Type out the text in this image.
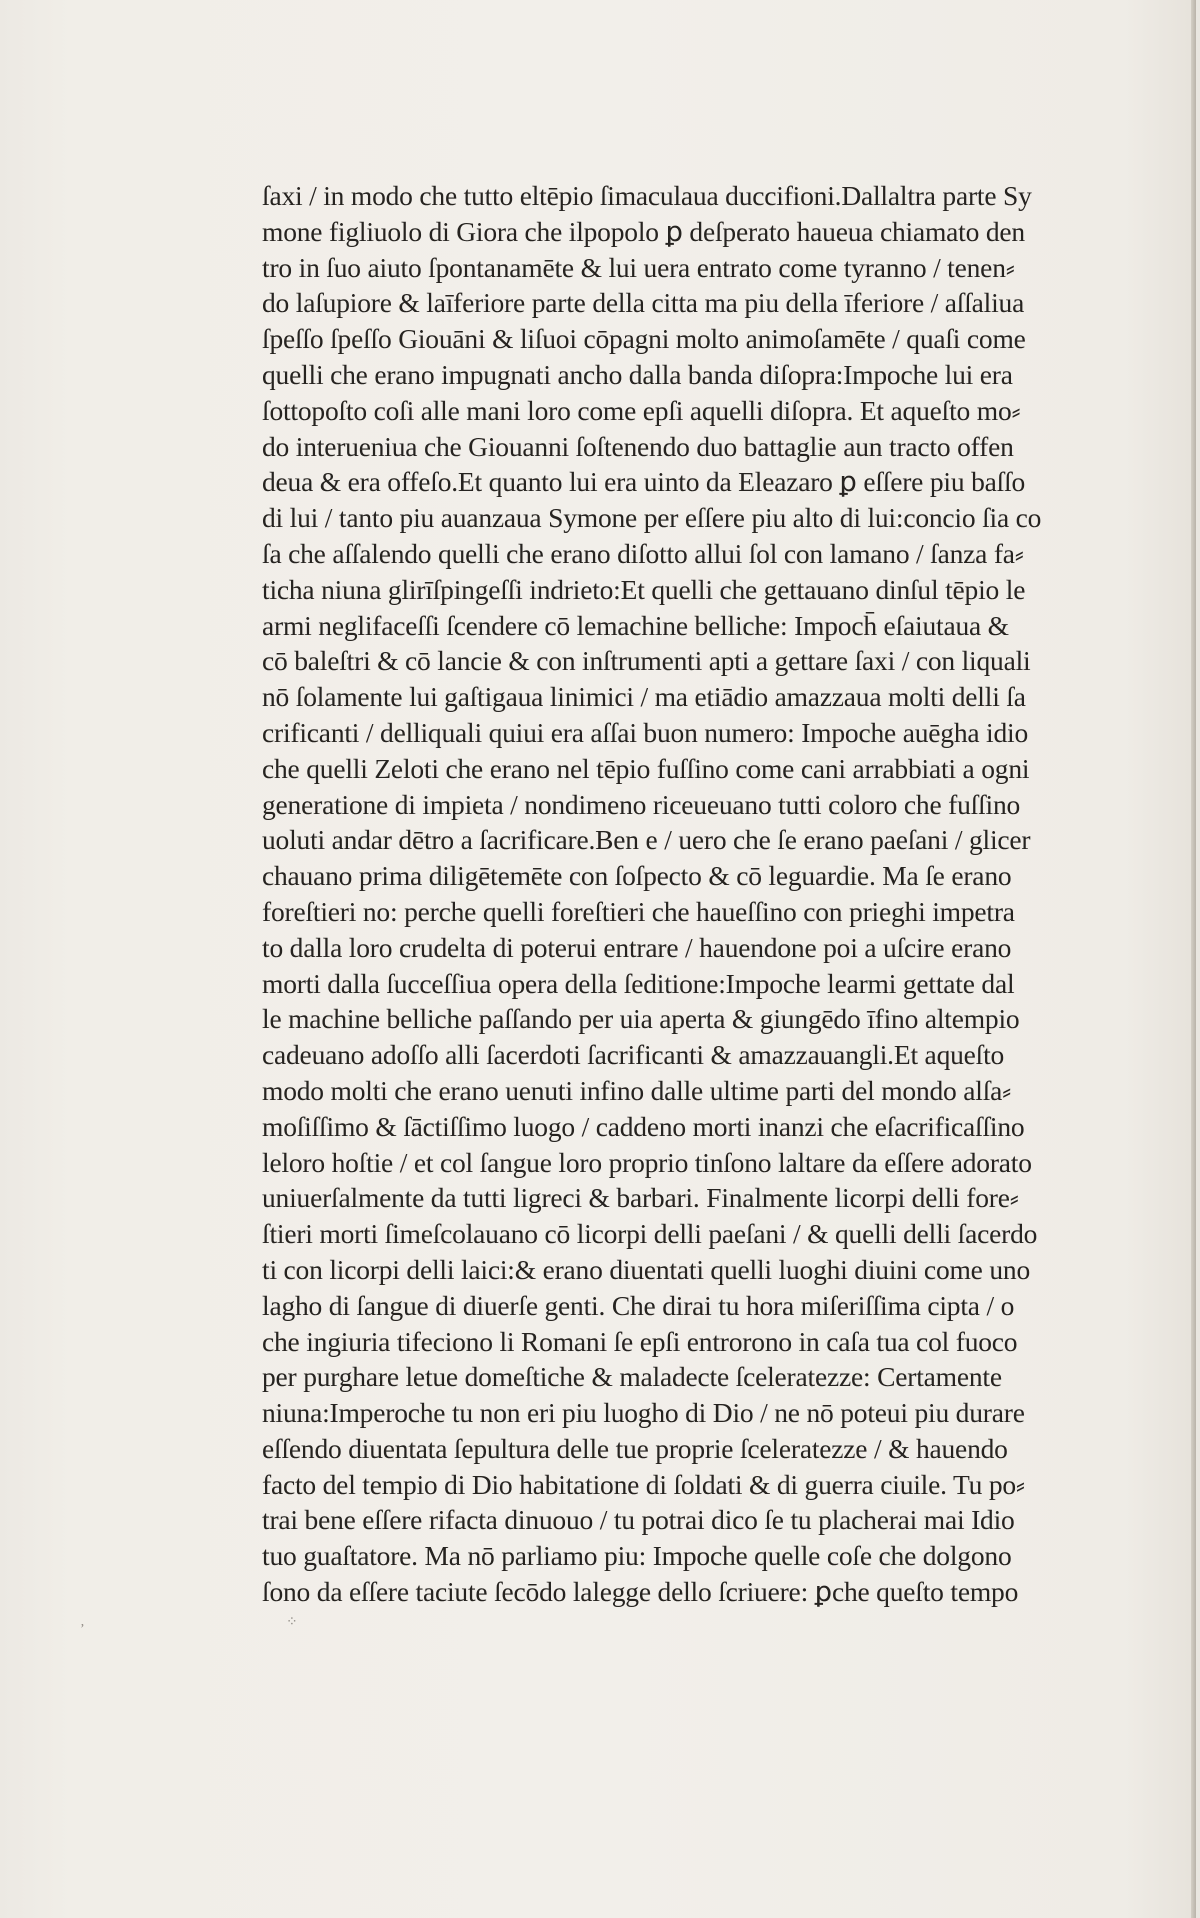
ſaxi / in modo che tutto eltēpio ſimaculaua duccifioni.Dallaltra parte Sy
mone figliuolo di Giora che ilpopolo ꝑ deſperato haueua chiamato den
tro in ſuo aiuto ſpontanamēte & lui uera entrato come tyranno / tenen⸗
do laſupiore & laīferiore parte della citta ma piu della īferiore / aſſaliua
ſpeſſo ſpeſſo Giouāni & liſuoi cōpagni molto animoſamēte / quaſi come
quelli che erano impugnati ancho dalla banda diſopra:Impoche lui era
ſottopoſto coſi alle mani loro come epſi aquelli diſopra. Et aqueſto mo⸗
do interueniua che Giouanni ſoſtenendo duo battaglie aun tracto offen
deua & era offeſo.Et quanto lui era uinto da Eleazaro ꝑ eſſere piu baſſo
di lui / tanto piu auanzaua Symone per eſſere piu alto di lui:concio ſia co
ſa che aſſalendo quelli che erano diſotto allui ſol con lamano / ſanza fa⸗
ticha niuna glirīſpingeſſi indrieto:Et quelli che gettauano dinſul tēpio le
armi neglifaceſſi ſcendere cō lemachine belliche: Impoch̄ eſaiutaua &
cō baleſtri & cō lancie & con inſtrumenti apti a gettare ſaxi / con liquali
nō ſolamente lui gaſtigaua linimici / ma etiādio amazzaua molti delli ſa
crificanti / delliquali quiui era aſſai buon numero: Impoche auēgha idio
che quelli Zeloti che erano nel tēpio fuſſino come cani arrabbiati a ogni
generatione di impieta / nondimeno riceueuano tutti coloro che fuſſino
uoluti andar dētro a ſacrificare.Ben e / uero che ſe erano paeſani / glicer
chauano prima diligētemēte con ſoſpecto & cō leguardie. Ma ſe erano
foreſtieri no: perche quelli foreſtieri che haueſſino con prieghi impetra
to dalla loro crudelta di poterui entrare / hauendone poi a uſcire erano
morti dalla ſucceſſiua opera della ſeditione:Impoche learmi gettate dal
le machine belliche paſſando per uia aperta & giungēdo īfino altempio
cadeuano adoſſo alli ſacerdoti ſacrificanti & amazzauangli.Et aqueſto
modo molti che erano uenuti infino dalle ultime parti del mondo alſa⸗
moſiſſimo & ſāctiſſimo luogo / caddeno morti inanzi che eſacrificaſſino
leloro hoſtie / et col ſangue loro proprio tinſono laltare da eſſere adorato
uniuerſalmente da tutti ligreci & barbari. Finalmente licorpi delli fore⸗
ſtieri morti ſimeſcolauano cō licorpi delli paeſani / & quelli delli ſacerdo
ti con licorpi delli laici:& erano diuentati quelli luoghi diuini come uno
lagho di ſangue di diuerſe genti. Che dirai tu hora miſeriſſima cipta / o
che ingiuria tifeciono li Romani ſe epſi entrorono in caſa tua col fuoco
per purghare letue domeſtiche & maladecte ſceleratezze: Certamente
niuna:Imperoche tu non eri piu luogho di Dio / ne nō poteui piu durare
eſſendo diuentata ſepultura delle tue proprie ſceleratezze / & hauendo
facto del tempio di Dio habitatione di ſoldati & di guerra ciuile. Tu po⸗
trai bene eſſere rifacta dinuouo / tu potrai dico ſe tu placherai mai Idio
tuo guaſtatore. Ma nō parliamo piu: Impoche quelle coſe che dolgono
ſono da eſſere taciute ſecōdo lalegge dello ſcriuere: ꝑche queſto tempo
⁘
ʼ
